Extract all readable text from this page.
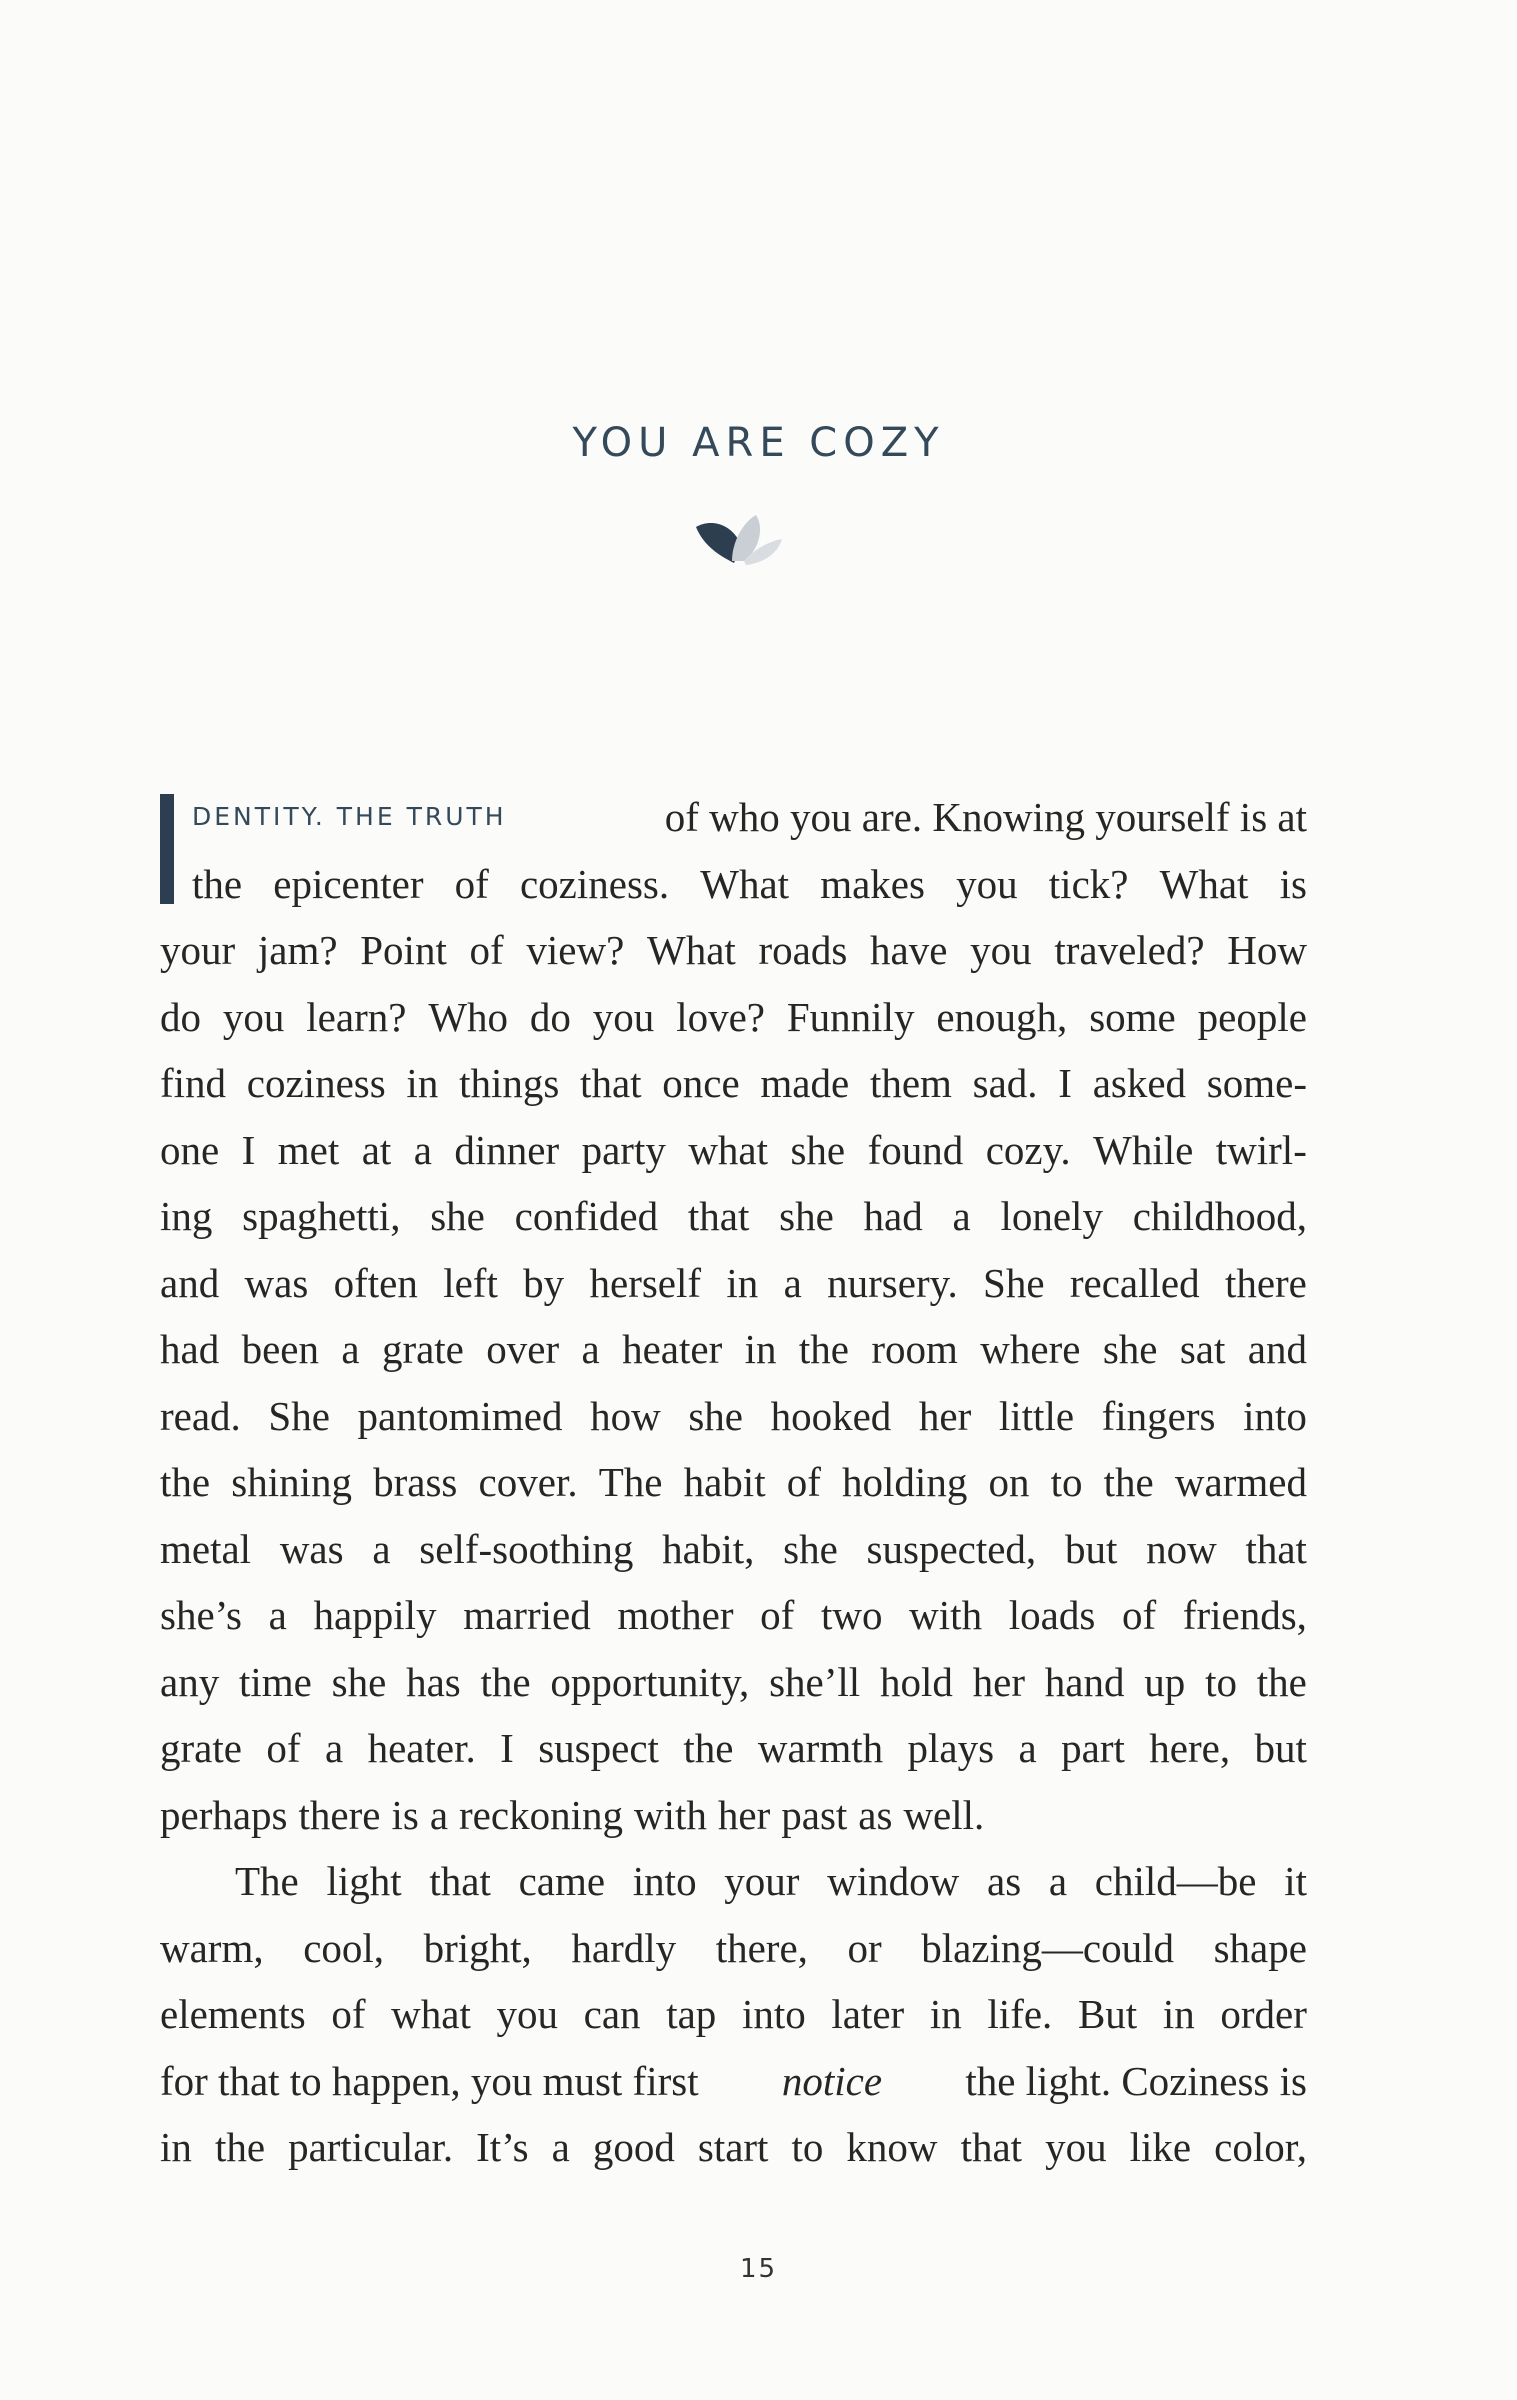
YOU ARE COZY
DENTITY. THE TRUTH	of who you are. Knowing yourself is at
the epicenter of coziness. What makes you tick? What is
your jam? Point of view? What roads have you traveled? How
do you learn? Who do you love? Funnily enough, some people
find coziness in things that once made them sad. I asked some-
one I met at a dinner party what she found cozy. While twirl-
ing spaghetti, she confided that she had a lonely childhood,
and was often left by herself in a nursery. She recalled there
had been a grate over a heater in the room where she sat and
read. She pantomimed how she hooked her little fingers into
the shining brass cover. The habit of holding on to the warmed
metal was a self-soothing habit, she suspected, but now that
she’s a happily married mother of two with loads of friends,
any time she has the opportunity, she’ll hold her hand up to the
grate of a heater. I suspect the warmth plays a part here, but
perhaps there is a reckoning with her past as well.
The light that came into your window as a child—be it
warm, cool, bright, hardly there, or blazing—could shape
elements of what you can tap into later in life. But in order
for that to happen, you must first notice the light. Coziness is
in the particular. It’s a good start to know that you like color,
15
